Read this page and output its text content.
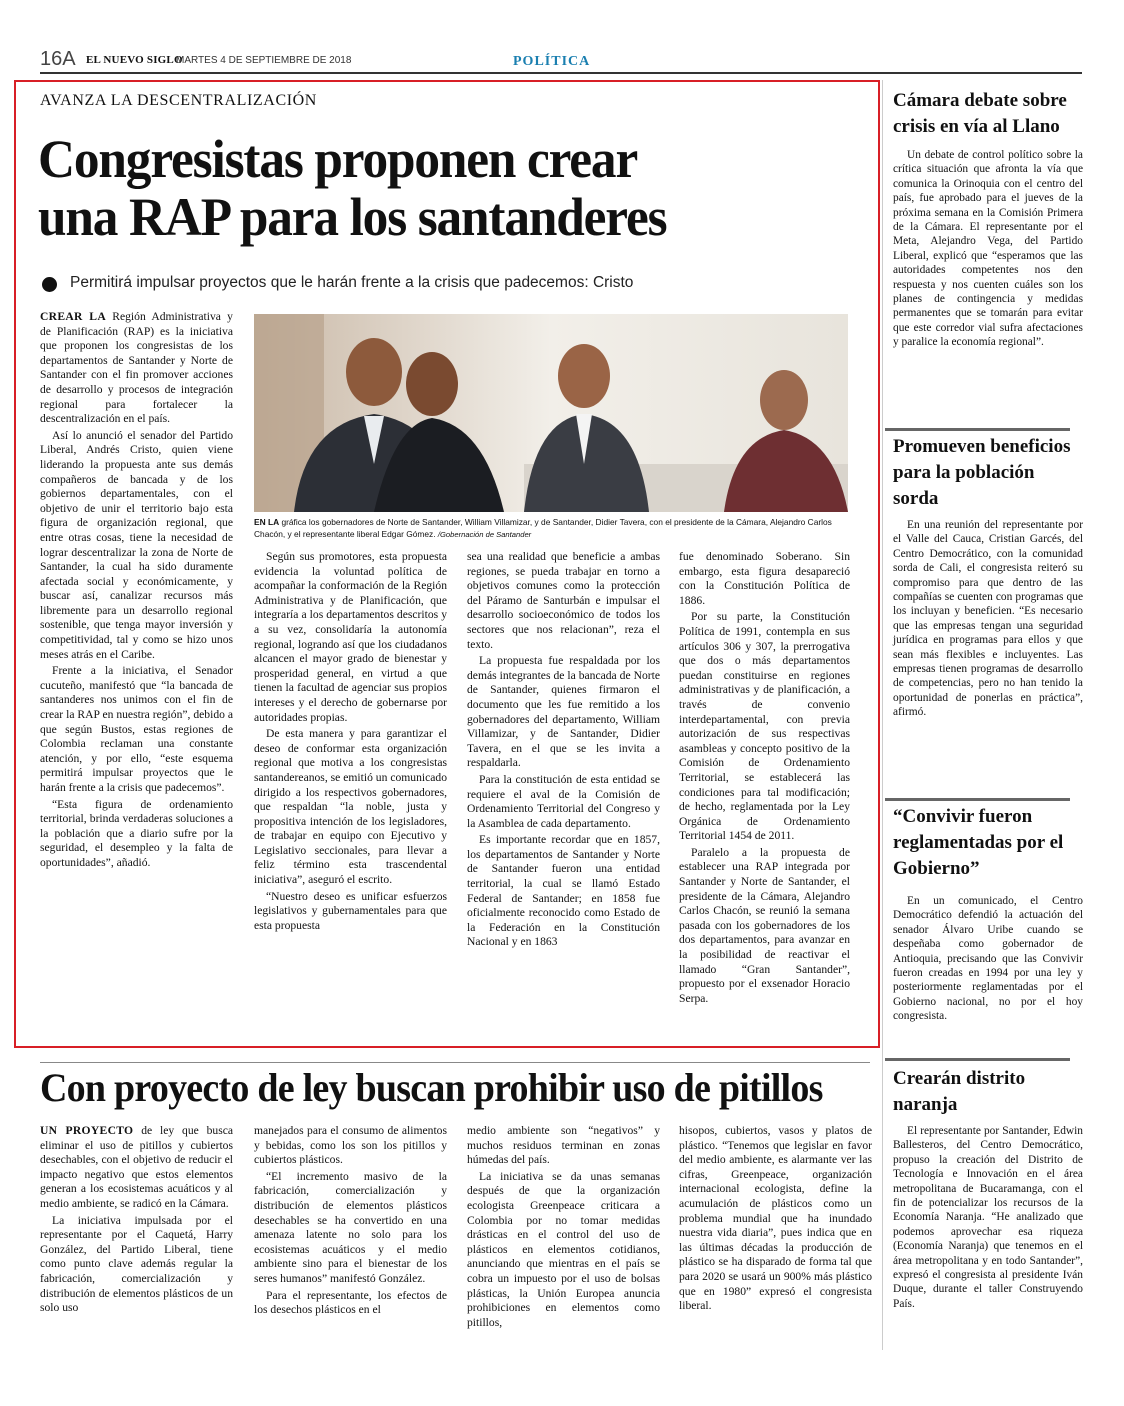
16A EL NUEVO SIGLO
MARTES 4 DE SEPTIEMBRE DE 2018	POLÍTICA
AVANZA LA DESCENTRALIZACIÓN
Congresistas proponen crear
una RAP para los santanderes
Permitirá impulsar proyectos que le harán frente a la crisis que padecemos: Cristo

CREAR LA Región Administrativa y de Planificación (RAP) es la iniciativa que proponen los congresistas de los departamentos de Santander y Norte de Santander con el fin promover acciones de desarrollo y procesos de integración regional para fortalecer la descentralización en el país.

Así lo anunció el senador del Partido Liberal, Andrés Cristo, quien viene liderando la propuesta ante sus demás compañeros de bancada y de los gobiernos departamentales, con el objetivo de unir el territorio bajo esta figura de organización regional, que entre otras cosas, tiene la necesidad de lograr descentralizar la zona de Norte de Santander, la cual ha sido duramente afectada social y económicamente, y buscar así, canalizar recursos más libremente para un desarrollo regional sostenible, que tenga mayor inversión y competitividad, tal y como se hizo unos meses atrás en el Caribe.

Frente a la iniciativa, el Senador cucuteño, manifestó que “la bancada de santanderes nos unimos con el fin de crear la RAP en nuestra región”, debido a que según Bustos, estas regiones de Colombia reclaman una constante atención, y por ello, “este esquema permitirá impulsar proyectos que le harán frente a la crisis que padecemos”.

“Esta figura de ordenamiento territorial, brinda verdaderas soluciones a la población que a diario sufre por la seguridad, el desempleo y la falta de oportunidades”, añadió.

EN LA gráfica los gobernadores de Norte de Santander, William Villamizar, y de Santander, Didier Tavera, con el presidente de la Cámara, Alejandro Carlos Chacón, y el representante liberal Edgar Gómez. /Gobernación de Santander

Según sus promotores, esta propuesta evidencia la voluntad política de acompañar la conformación de la Región Administrativa y de Planificación, que integraría a los departamentos descritos y a su vez, consolidaría la autonomía regional, logrando así que los ciudadanos alcancen el mayor grado de bienestar y prosperidad general, en virtud a que tienen la facultad de agenciar sus propios intereses y el derecho de gobernarse por autoridades propias.

De esta manera y para garantizar el deseo de conformar esta organización regional que motiva a los congresistas santandereanos, se emitió un comunicado dirigido a los respectivos gobernadores, que respaldan “la noble, justa y propositiva intención de los legisladores, de trabajar en equipo con Ejecutivo y Legislativo seccionales, para llevar a feliz término esta trascendental iniciativa”, aseguró el escrito.

“Nuestro deseo es unificar esfuerzos legislativos y gubernamentales para que esta propuesta

sea una realidad que beneficie a ambas regiones, se pueda trabajar en torno a objetivos comunes como la protección del Páramo de Santurbán e impulsar el desarrollo socioeconómico de todos los sectores que nos relacionan”, reza el texto.

La propuesta fue respaldada por los demás integrantes de la bancada de Norte de Santander, quienes firmaron el documento que les fue remitido a los gobernadores del departamento, William Villamizar, y de Santander, Didier Tavera, en el que se les invita a respaldarla.

Para la constitución de esta entidad se requiere el aval de la Comisión de Ordenamiento Territorial del Congreso y la Asamblea de cada departamento.

Es importante recordar que en 1857, los departamentos de Santander y Norte de Santander fueron una entidad territorial, la cual se llamó Estado Federal de Santander; en 1858 fue oficialmente reconocido como Estado de la Federación en la Constitución Nacional y en 1863

fue denominado Soberano. Sin embargo, esta figura desapareció con la Constitución Política de 1886.

Por su parte, la Constitución Política de 1991, contempla en sus artículos 306 y 307, la prerrogativa que dos o más departamentos puedan constituirse en regiones administrativas y de planificación, a través de convenio interdepartamental, con previa autorización de sus respectivas asambleas y concepto positivo de la Comisión de Ordenamiento Territorial, se establecerá las condiciones para tal modificación; de hecho, reglamentada por la Ley Orgánica de Ordenamiento Territorial 1454 de 2011.

Paralelo a la propuesta de establecer una RAP integrada por Santander y Norte de Santander, el presidente de la Cámara, Alejandro Carlos Chacón, se reunió la semana pasada con los gobernadores de los dos departamentos, para avanzar en la posibilidad de reactivar el llamado “Gran Santander”, propuesto por el exsenador Horacio Serpa.

Cámara debate sobre crisis en vía al Llano

Un debate de control político sobre la crítica situación que afronta la vía que comunica la Orinoquia con el centro del país, fue aprobado para el jueves de la próxima semana en la Comisión Primera de la Cámara. El representante por el Meta, Alejandro Vega, del Partido Liberal, explicó que “esperamos que las autoridades competentes nos den respuesta y nos cuenten cuáles son los planes de contingencia y medidas permanentes que se tomarán para evitar que este corredor vial sufra afectaciones y paralice la economía regional”.

Promueven beneficios para la población sorda

En una reunión del representante por el Valle del Cauca, Cristian Garcés, del Centro Democrático, con la comunidad sorda de Cali, el congresista reiteró su compromiso para que dentro de las compañías se cuenten con programas que los incluyan y beneficien. “Es necesario que las empresas tengan una seguridad jurídica en programas para ellos y que sean más flexibles e incluyentes. Las empresas tienen programas de desarrollo de competencias, pero no han tenido la oportunidad de ponerlas en práctica”, afirmó.

“Convivir fueron reglamentadas por el Gobierno”

En un comunicado, el Centro Democrático defendió la actuación del senador Álvaro Uribe cuando se despeñaba como gobernador de Antioquia, precisando que las Convivir fueron creadas en 1994 por una ley y posteriormente reglamentadas por el Gobierno nacional, no por el hoy congresista.

Crearán distrito naranja

El representante por Santander, Edwin Ballesteros, del Centro Democrático, propuso la creación del Distrito de Tecnología e Innovación en el área metropolitana de Bucaramanga, con el fin de potencializar los recursos de la Economía Naranja. “He analizado que podemos aprovechar esa riqueza (Economía Naranja) que tenemos en el área metropolitana y en todo Santander”, expresó el congresista al presidente Iván Duque, durante el taller Construyendo País.

Con proyecto de ley buscan prohibir uso de pitillos

UN PROYECTO de ley que busca eliminar el uso de pitillos y cubiertos desechables, con el objetivo de reducir el impacto negativo que estos elementos generan a los ecosistemas acuáticos y al medio ambiente, se radicó en la Cámara.

La iniciativa impulsada por el representante por el Caquetá, Harry González, del Partido Liberal, tiene como punto clave además regular la fabricación, comercialización y distribución de elementos plásticos de un solo uso

manejados para el consumo de alimentos y bebidas, como los son los pitillos y cubiertos plásticos.

“El incremento masivo de la fabricación, comercialización y distribución de elementos plásticos desechables se ha convertido en una amenaza latente no solo para los ecosistemas acuáticos y el medio ambiente sino para el bienestar de los seres humanos” manifestó González.

Para el representante, los efectos de los desechos plásticos en el

medio ambiente son “negativos” y muchos residuos terminan en zonas húmedas del país.

La iniciativa se da unas semanas después de que la organización ecologista Greenpeace criticara a Colombia por no tomar medidas drásticas en el control del uso de plásticos en elementos cotidianos, anunciando que mientras en el país se cobra un impuesto por el uso de bolsas plásticas, la Unión Europea anuncia prohibiciones en elementos como pitillos,

hisopos, cubiertos, vasos y platos de plástico. “Tenemos que legislar en favor del medio ambiente, es alarmante ver las cifras, Greenpeace, organización internacional ecologista, define la acumulación de plásticos como un problema mundial que ha inundado nuestra vida diaria”, pues indica que en las últimas décadas la producción de plástico se ha disparado de forma tal que para 2020 se usará un 900% más plástico que en 1980” expresó el congresista liberal.
